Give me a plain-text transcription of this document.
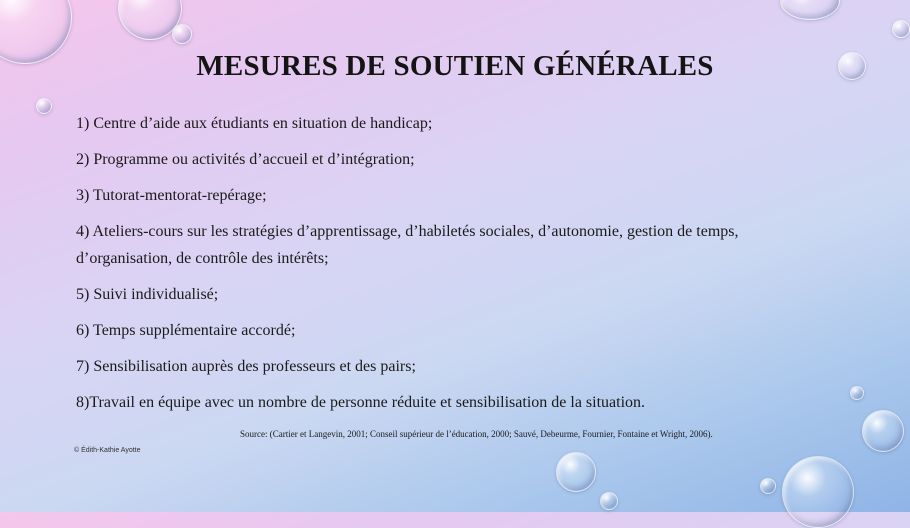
MESURES DE SOUTIEN GÉNÉRALES
1) Centre d’aide aux étudiants en situation de handicap;
2) Programme ou activités d’accueil et d’intégration;
3) Tutorat-mentorat-repérage;
4) Ateliers-cours sur les stratégies d’apprentissage, d’habiletés sociales, d’autonomie, gestion de temps, d’organisation, de contrôle des intérêts;
5) Suivi individualisé;
6) Temps supplémentaire accordé;
7) Sensibilisation auprès des professeurs et des pairs;
8)Travail en équipe avec un nombre de personne réduite et sensibilisation de la situation.
Source: (Cartier et Langevin, 2001; Conseil supérieur de l’éducation, 2000; Sauvé, Debeurme, Fournier, Fontaine et Wright, 2006).
© Édith-Kathie Ayotte
